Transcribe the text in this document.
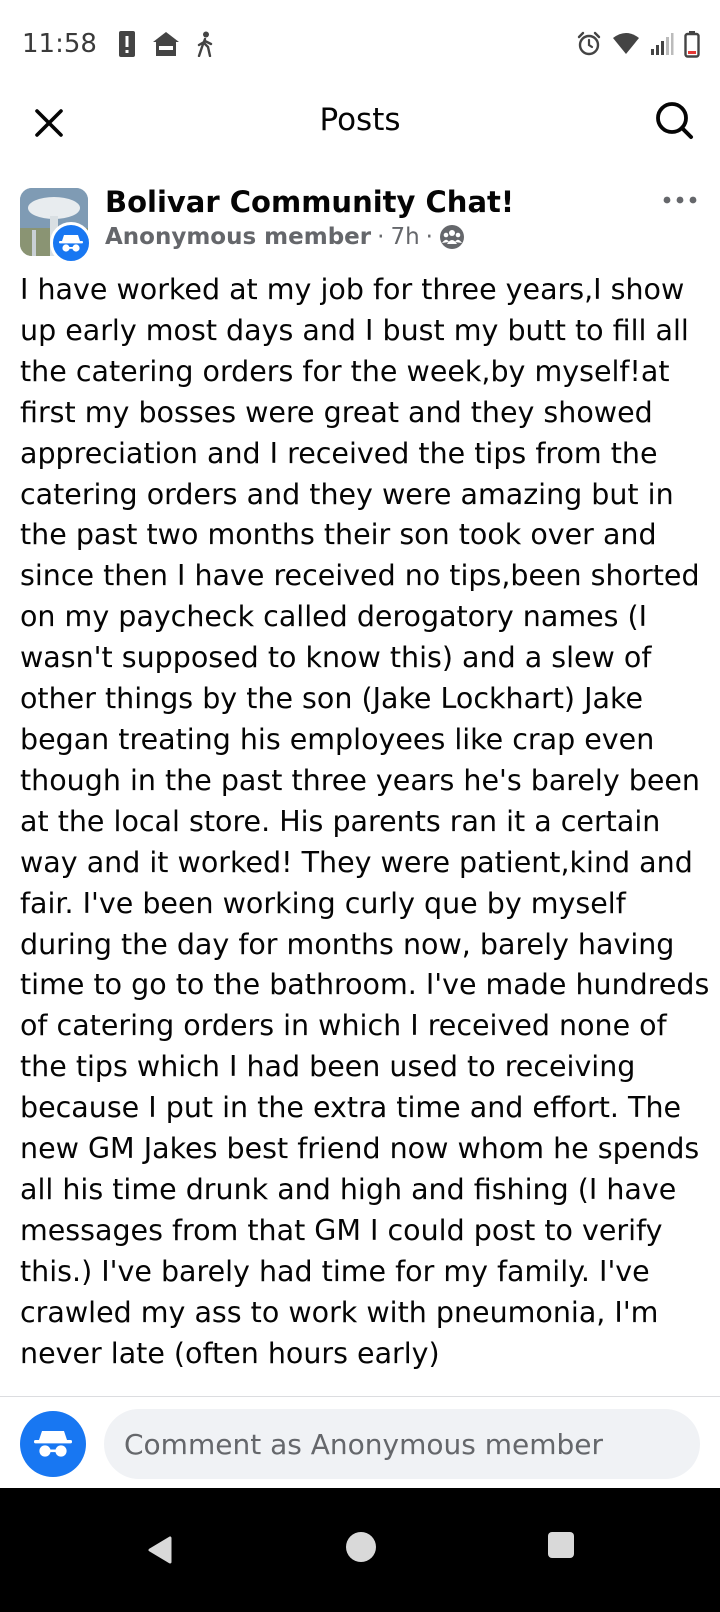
11:58
Posts
Bolivar Community Chat!
Anonymous member · 7h ·

I have worked at my job for three years,I show up early most days and I bust my butt to fill all the catering orders for the week,by myself!at first my bosses were great and they showed appreciation and I received the tips from the catering orders and they were amazing but in the past two months their son took over and since then I have received no tips,been shorted on my paycheck called derogatory names (I wasn't supposed to know this) and a slew of other things by the son (Jake Lockhart) Jake began treating his employees like crap even though in the past three years he's barely been at the local store. His parents ran it a certain way and it worked! They were patient,kind and fair. I've been working curly que by myself during the day for months now, barely having time to go to the bathroom. I've made hundreds of catering orders in which I received none of the tips which I had been used to receiving because I put in the extra time and effort. The new GM Jakes best friend now whom he spends all his time drunk and high and fishing (I have messages from that GM I could post to verify this.) I've barely had time for my family. I've crawled my ass to work with pneumonia, I'm never late (often hours early)

Comment as Anonymous member
